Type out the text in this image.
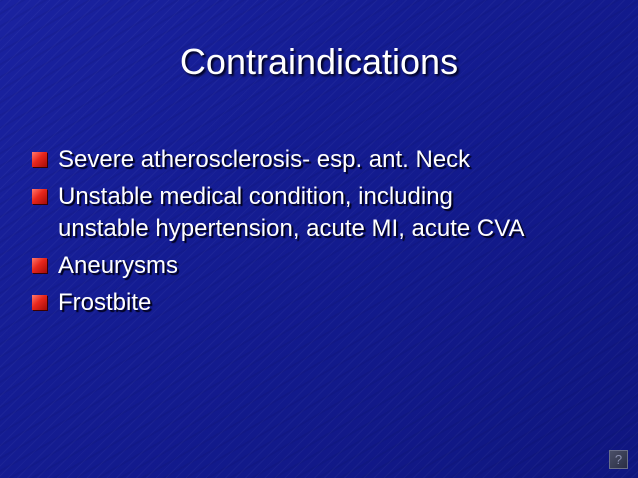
Contraindications
Severe atherosclerosis- esp. ant. Neck
Unstable medical condition, including unstable hypertension, acute MI, acute CVA
Aneurysms
Frostbite
?
